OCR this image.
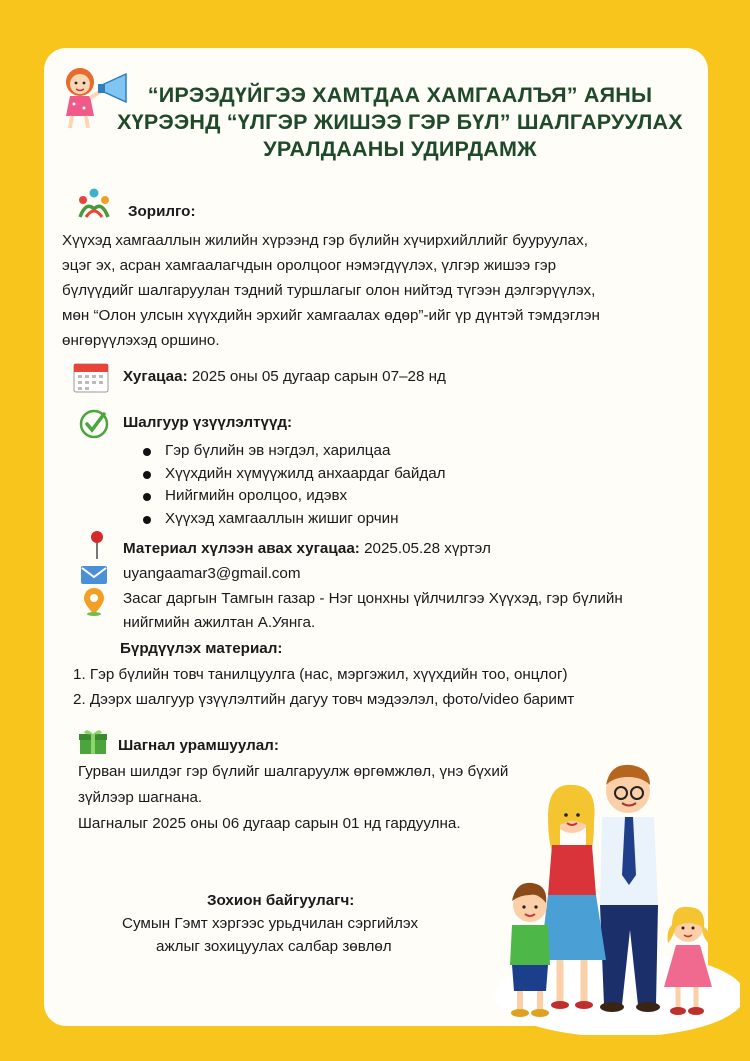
“ИРЭЭДҮЙГЭЭ ХАМТДАА ХАМГААЛЪЯ” АЯНЫ
ХҮРЭЭНД “ҮЛГЭР ЖИШЭЭ ГЭР БҮЛ” ШАЛГАРУУЛАХ
УРАЛДААНЫ УДИРДАМЖ
Зорилго:
Хүүхэд хамгааллын жилийн хүрээнд гэр бүлийн хүчирхийллийг бууруулах,
эцэг эх, асран хамгаалагчдын оролцоог нэмэгдүүлэх, үлгэр жишээ гэр
бүлүүдийг шалгаруулан тэдний туршлагыг олон нийтэд түгээн дэлгэрүүлэх,
мөн “Олон улсын хүүхдийн эрхийг хамгаалах өдөр”-ийг үр дүнтэй тэмдэглэн
өнгөрүүлэхэд оршино.
Хугацаа: 2025 оны 05 дугаар сарын 07–28 нд
Шалгуур үзүүлэлтүүд:
Гэр бүлийн эв нэгдэл, харилцаа
Хүүхдийн хүмүүжилд анхаардаг байдал
Нийгмийн оролцоо, идэвх
Хүүхэд хамгааллын жишиг орчин
Материал хүлээн авах хугацаа: 2025.05.28 хүртэл
uyangaamar3@gmail.com
Засаг даргын Тамгын газар - Нэг цонхны үйлчилгээ Хүүхэд, гэр бүлийн
нийгмийн ажилтан А.Уянга.
Бүрдүүлэх материал:
1. Гэр бүлийн товч танилцуулга (нас, мэргэжил, хүүхдийн тоо, онцлог)
2. Дээрх шалгуур үзүүлэлтийн дагуу товч мэдээлэл, фото/video баримт
Шагнал урамшуулал:
Гурван шилдэг гэр бүлийг шалгаруулж өргөмжлөл, үнэ бүхий
зүйлээр шагнана.
Шагналыг 2025 оны 06 дугаар сарын 01 нд гардуулна.
Зохион байгуулагч:
Сумын Гэмт хэргээс урьдчилан сэргийлэх
ажлыг зохицуулах салбар зөвлөл
